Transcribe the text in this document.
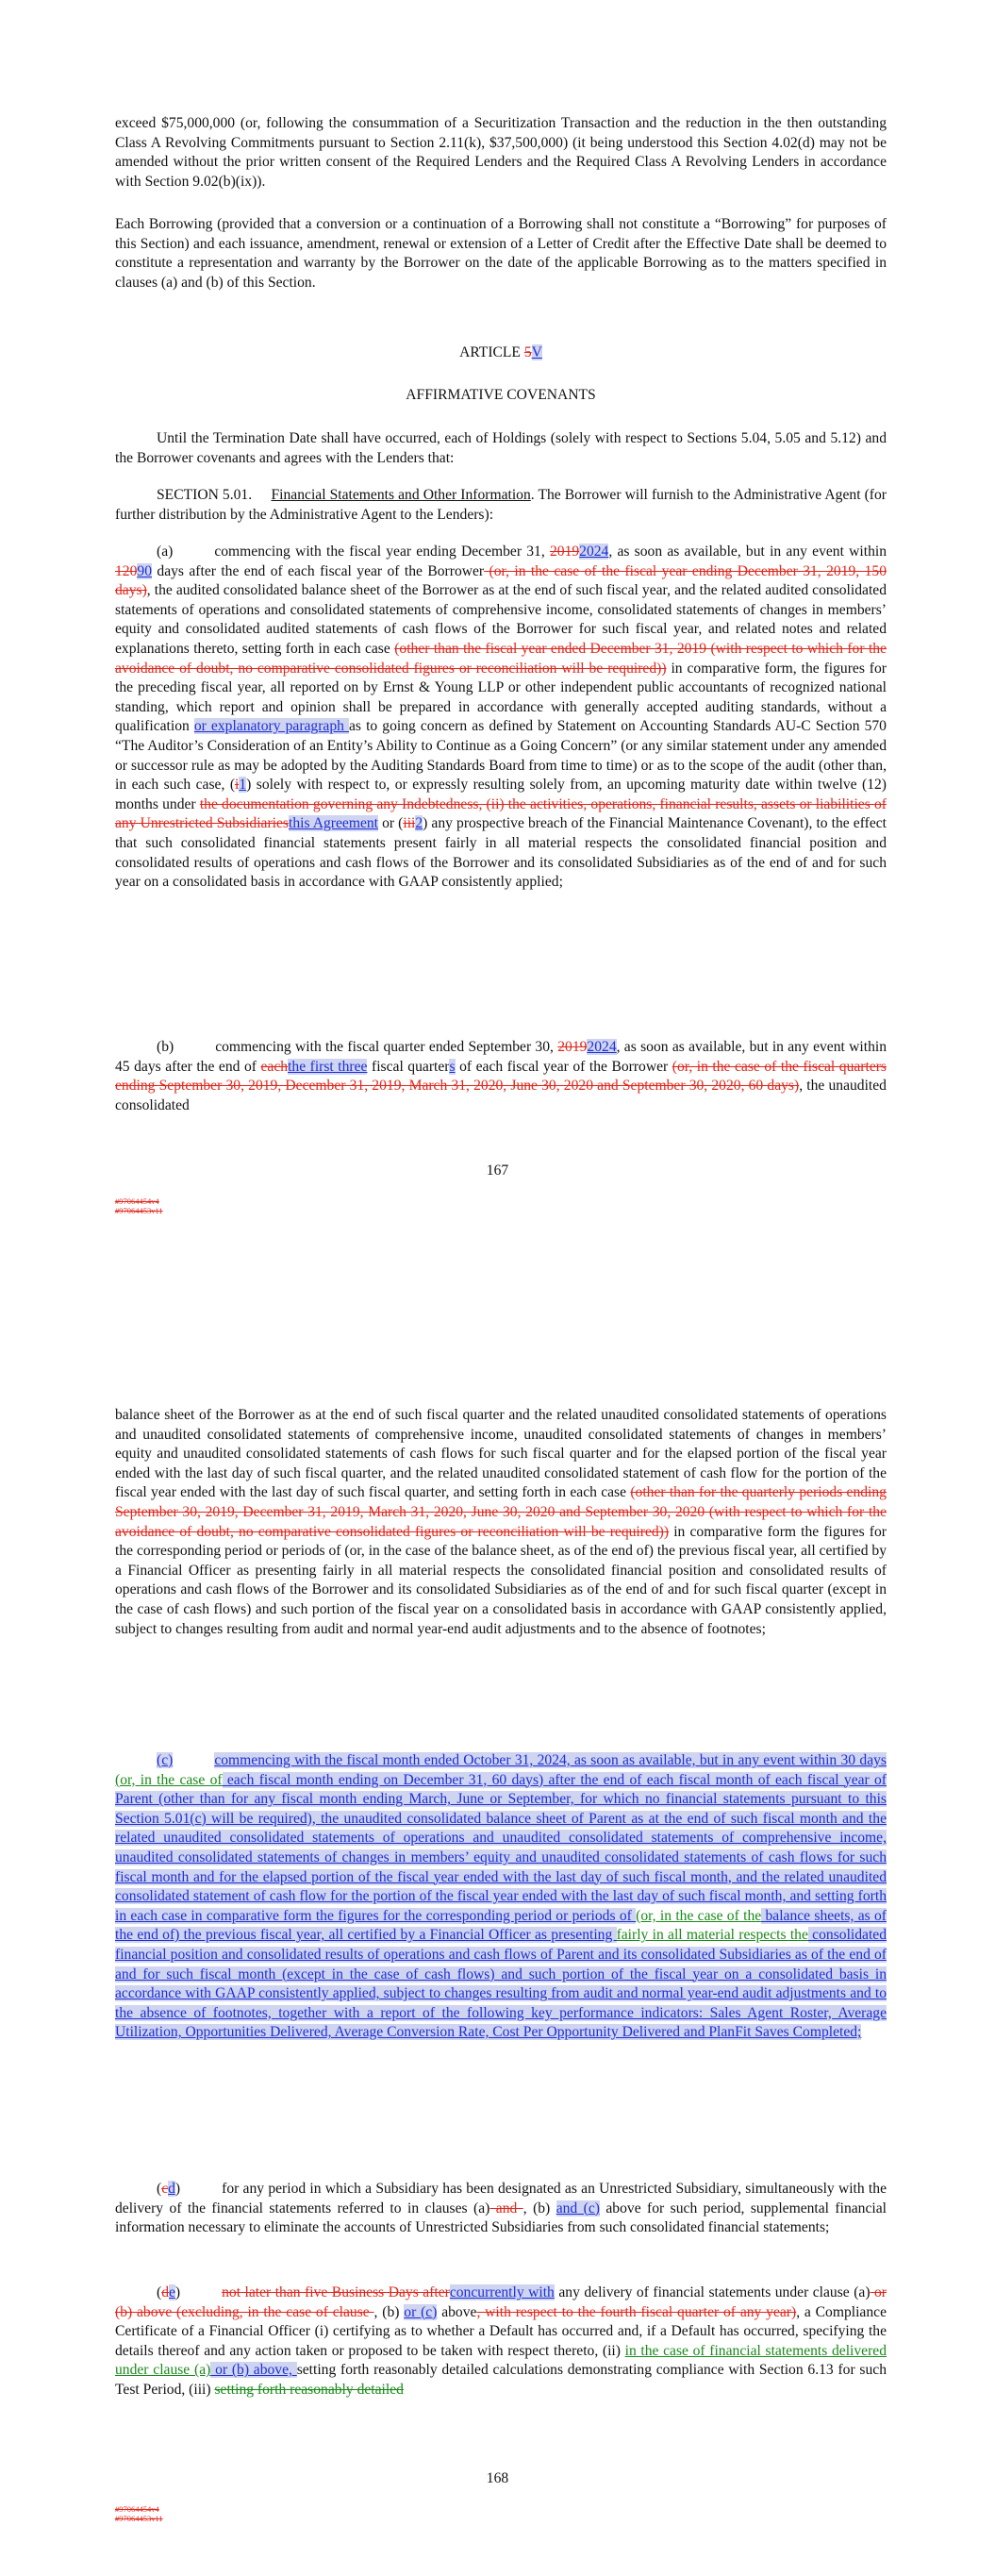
exceed $75,000,000 (or, following the consummation of a Securitization Transaction and the reduction in the then outstanding Class A Revolving Commitments pursuant to Section 2.11(k), $37,500,000) (it being understood this Section 4.02(d) may not be amended without the prior written consent of the Required Lenders and the Required Class A Revolving Lenders in accordance with Section 9.02(b)(ix)).
Each Borrowing (provided that a conversion or a continuation of a Borrowing shall not constitute a “Borrowing” for purposes of this Section) and each issuance, amendment, renewal or extension of a Letter of Credit after the Effective Date shall be deemed to constitute a representation and warranty by the Borrower on the date of the applicable Borrowing as to the matters specified in clauses (a) and (b) of this Section.
ARTICLE 5V
AFFIRMATIVE COVENANTS
Until the Termination Date shall have occurred, each of Holdings (solely with respect to Sections 5.04, 5.05 and 5.12) and the Borrower covenants and agrees with the Lenders that:
SECTION 5.01. Financial Statements and Other Information. The Borrower will furnish to the Administrative Agent (for further distribution by the Administrative Agent to the Lenders):
(a)	commencing with the fiscal year ending December 31, 20192024, as soon as available, but in any event within 12090 days after the end of each fiscal year of the Borrower (or, in the case of the fiscal year ending December 31, 2019, 150 days), the audited consolidated balance sheet of the Borrower as at the end of such fiscal year, and the related audited consolidated statements of operations and consolidated statements of comprehensive income, consolidated statements of changes in members’ equity and consolidated audited statements of cash flows of the Borrower for such fiscal year, and related notes and related explanations thereto, setting forth in each case (other than the fiscal year ended December 31, 2019 (with respect to which for the avoidance of doubt, no comparative consolidated figures or reconciliation will be required)) in comparative form, the figures for the preceding fiscal year, all reported on by Ernst & Young LLP or other independent public accountants of recognized national standing, which report and opinion shall be prepared in accordance with generally accepted auditing standards, without a qualification or explanatory paragraph as to going concern as defined by Statement on Accounting Standards AU-C Section 570 “The Auditor’s Consideration of an Entity’s Ability to Continue as a Going Concern” (or any similar statement under any amended or successor rule as may be adopted by the Auditing Standards Board from time to time) or as to the scope of the audit (other than, in each such case, (i1) solely with respect to, or expressly resulting solely from, an upcoming maturity date within twelve (12) months under the documentation governing any Indebtedness, (ii) the activities, operations, financial results, assets or liabilities of any Unrestricted Subsidiariesthis Agreement or (iii2) any prospective breach of the Financial Maintenance Covenant), to the effect that such consolidated financial statements present fairly in all material respects the consolidated financial position and consolidated results of operations and cash flows of the Borrower and its consolidated Subsidiaries as of the end of and for such year on a consolidated basis in accordance with GAAP consistently applied;
(b)	commencing with the fiscal quarter ended September 30, 20192024, as soon as available, but in any event within 45 days after the end of eachthe first three fiscal quarters of each fiscal year of the Borrower (or, in the case of the fiscal quarters ending September 30, 2019, December 31, 2019, March 31, 2020, June 30, 2020 and September 30, 2020, 60 days), the unaudited consolidated
167
#97064454v4
#97064453v11
balance sheet of the Borrower as at the end of such fiscal quarter and the related unaudited consolidated statements of operations and unaudited consolidated statements of comprehensive income, unaudited consolidated statements of changes in members’ equity and unaudited consolidated statements of cash flows for such fiscal quarter and for the elapsed portion of the fiscal year ended with the last day of such fiscal quarter, and the related unaudited consolidated statement of cash flow for the portion of the fiscal year ended with the last day of such fiscal quarter, and setting forth in each case (other than for the quarterly periods ending September 30, 2019, December 31, 2019, March 31, 2020, June 30, 2020 and September 30, 2020 (with respect to which for the avoidance of doubt, no comparative consolidated figures or reconciliation will be required)) in comparative form the figures for the corresponding period or periods of (or, in the case of the balance sheet, as of the end of) the previous fiscal year, all certified by a Financial Officer as presenting fairly in all material respects the consolidated financial position and consolidated results of operations and cash flows of the Borrower and its consolidated Subsidiaries as of the end of and for such fiscal quarter (except in the case of cash flows) and such portion of the fiscal year on a consolidated basis in accordance with GAAP consistently applied, subject to changes resulting from audit and normal year-end audit adjustments and to the absence of footnotes;
(c)	commencing with the fiscal month ended October 31, 2024, as soon as available, but in any event within 30 days (or, in the case of each fiscal month ending on December 31, 60 days) after the end of each fiscal month of each fiscal year of Parent (other than for any fiscal month ending March, June or September, for which no financial statements pursuant to this Section 5.01(c) will be required), the unaudited consolidated balance sheet of Parent as at the end of such fiscal month and the related unaudited consolidated statements of operations and unaudited consolidated statements of comprehensive income, unaudited consolidated statements of changes in members’ equity and unaudited consolidated statements of cash flows for such fiscal month and for the elapsed portion of the fiscal year ended with the last day of such fiscal month, and the related unaudited consolidated statement of cash flow for the portion of the fiscal year ended with the last day of such fiscal month, and setting forth in each case in comparative form the figures for the corresponding period or periods of (or, in the case of the balance sheets, as of the end of) the previous fiscal year, all certified by a Financial Officer as presenting fairly in all material respects the consolidated financial position and consolidated results of operations and cash flows of Parent and its consolidated Subsidiaries as of the end of and for such fiscal month (except in the case of cash flows) and such portion of the fiscal year on a consolidated basis in accordance with GAAP consistently applied, subject to changes resulting from audit and normal year-end audit adjustments and to the absence of footnotes, together with a report of the following key performance indicators: Sales Agent Roster, Average Utilization, Opportunities Delivered, Average Conversion Rate, Cost Per Opportunity Delivered and PlanFit Saves Completed;
(cd)	for any period in which a Subsidiary has been designated as an Unrestricted Subsidiary, simultaneously with the delivery of the financial statements referred to in clauses (a) and , (b) and (c) above for such period, supplemental financial information necessary to eliminate the accounts of Unrestricted Subsidiaries from such consolidated financial statements;
(de)	not later than five Business Days afterconcurrently with any delivery of financial statements under clause (a) or (b) above (excluding, in the case of clause , (b) or (c) above, with respect to the fourth fiscal quarter of any year), a Compliance Certificate of a Financial Officer (i) certifying as to whether a Default has occurred and, if a Default has occurred, specifying the details thereof and any action taken or proposed to be taken with respect thereto, (ii) in the case of financial statements delivered under clause (a) or (b) above, setting forth reasonably detailed calculations demonstrating compliance with Section 6.13 for such Test Period, (iii) setting forth reasonably detailed
168
#97064454v4
#97064453v11
